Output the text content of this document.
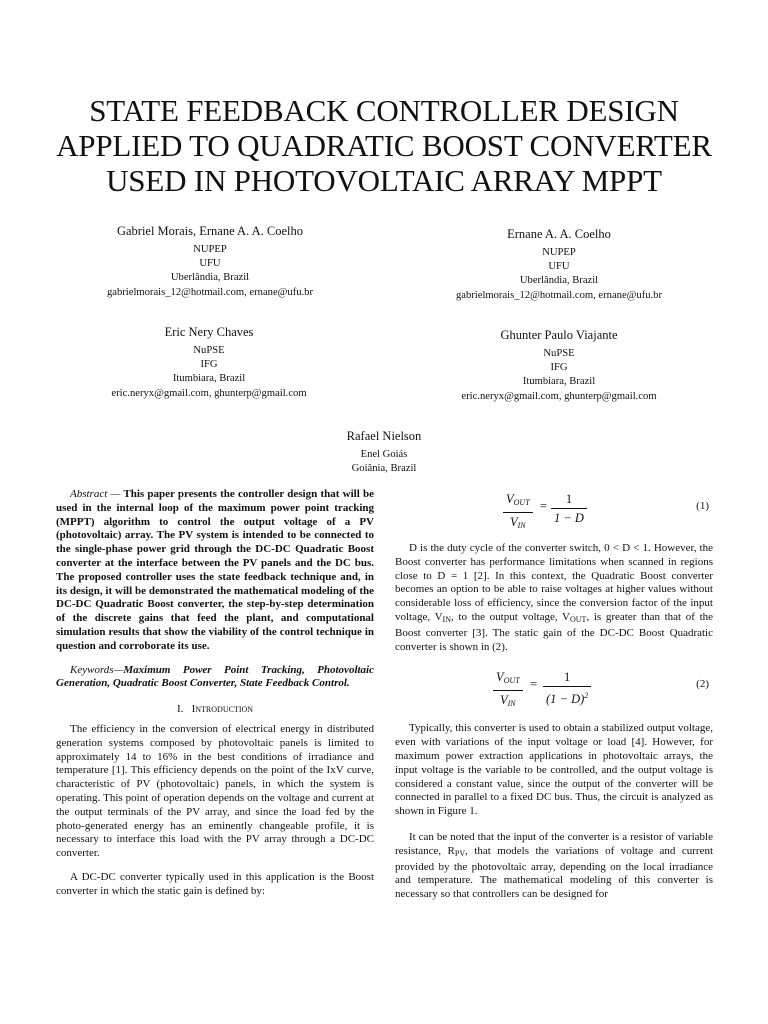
STATE FEEDBACK CONTROLLER DESIGN
APPLIED TO QUADRATIC BOOST CONVERTER
USED IN PHOTOVOLTAIC ARRAY MPPT
Gabriel Morais, Ernane A. A. Coelho
NUPEP
UFU
Uberlândia, Brazil
gabrielmorais_12@hotmail.com, ernane@ufu.br
Ernane A. A. Coelho
NUPEP
UFU
Uberlândia, Brazil
gabrielmorais_12@hotmail.com, ernane@ufu.br
Eric Nery Chaves
NuPSE
IFG
Itumbiara, Brazil
eric.neryx@gmail.com, ghunterp@gmail.com
Ghunter Paulo Viajante
NuPSE
IFG
Itumbiara, Brazil
eric.neryx@gmail.com, ghunterp@gmail.com
Rafael Nielson
Enel Goiás
Goiânia, Brazil

Abstract — This paper presents the controller design that will be used in the internal loop of the maximum power point tracking (MPPT) algorithm to control the output voltage of a PV (photovoltaic) array. The PV system is intended to be connected to the single-phase power grid through the DC-DC Quadratic Boost converter at the interface between the PV panels and the DC bus. The proposed controller uses the state feedback technique and, in its design, it will be demonstrated the mathematical modeling of the DC-DC Quadratic Boost converter, the step-by-step determination of the discrete gains that feed the plant, and computational simulation results that show the viability of the control technique in question and corroborate its use.

Keywords—Maximum Power Point Tracking, Photovoltaic Generation, Quadratic Boost Converter, State Feedback Control.

I. Introduction

The efficiency in the conversion of electrical energy in distributed generation systems composed by photovoltaic panels is limited to approximately 14 to 16% in the best conditions of irradiance and temperature [1]. This efficiency depends on the point of the IxV curve, characteristic of PV (photovoltaic) panels, in which the system is operating. This point of operation depends on the voltage and current at the output terminals of the PV array, and since the load fed by the photo-generated energy has an eminently changeable profile, it is necessary to interface this load with the PV array through a DC-DC converter.

A DC-DC converter typically used in this application is the Boost converter in which the static gain is defined by:

$V_{OUT}$
$V_{IN}$
= $\frac{1}{1 - D}$	(1)

D is the duty cycle of the converter switch, 0 < D < 1. However, the Boost converter has performance limitations when scanned in regions close to D = 1 [2]. In this context, the Quadratic Boost converter becomes an option to be able to raise voltages at higher values without considerable loss of efficiency, since the conversion factor of the input voltage, $V_{IN}$, to the output voltage, $V_{OUT}$, is greater than that of the Boost converter [3]. The static gain of the DC-DC Boost Quadratic converter is shown in (2).

$V_{OUT}$
$V_{IN}$
= $\frac{1}{(1 - D)^2}$	(2)

Typically, this converter is used to obtain a stabilized output voltage, even with variations of the input voltage or load [4]. However, for maximum power extraction applications in photovoltaic arrays, the input voltage is the variable to be controlled, and the output voltage is considered a constant value, since the output of the converter will be connected in parallel to a fixed DC bus. Thus, the circuit is analyzed as shown in Figure 1.

It can be noted that the input of the converter is a resistor of variable resistance, $R_{PV}$, that models the variations of voltage and current provided by the photovoltaic array, depending on the local irradiance and temperature. The mathematical modeling of this converter is necessary so that controllers can be designed for
